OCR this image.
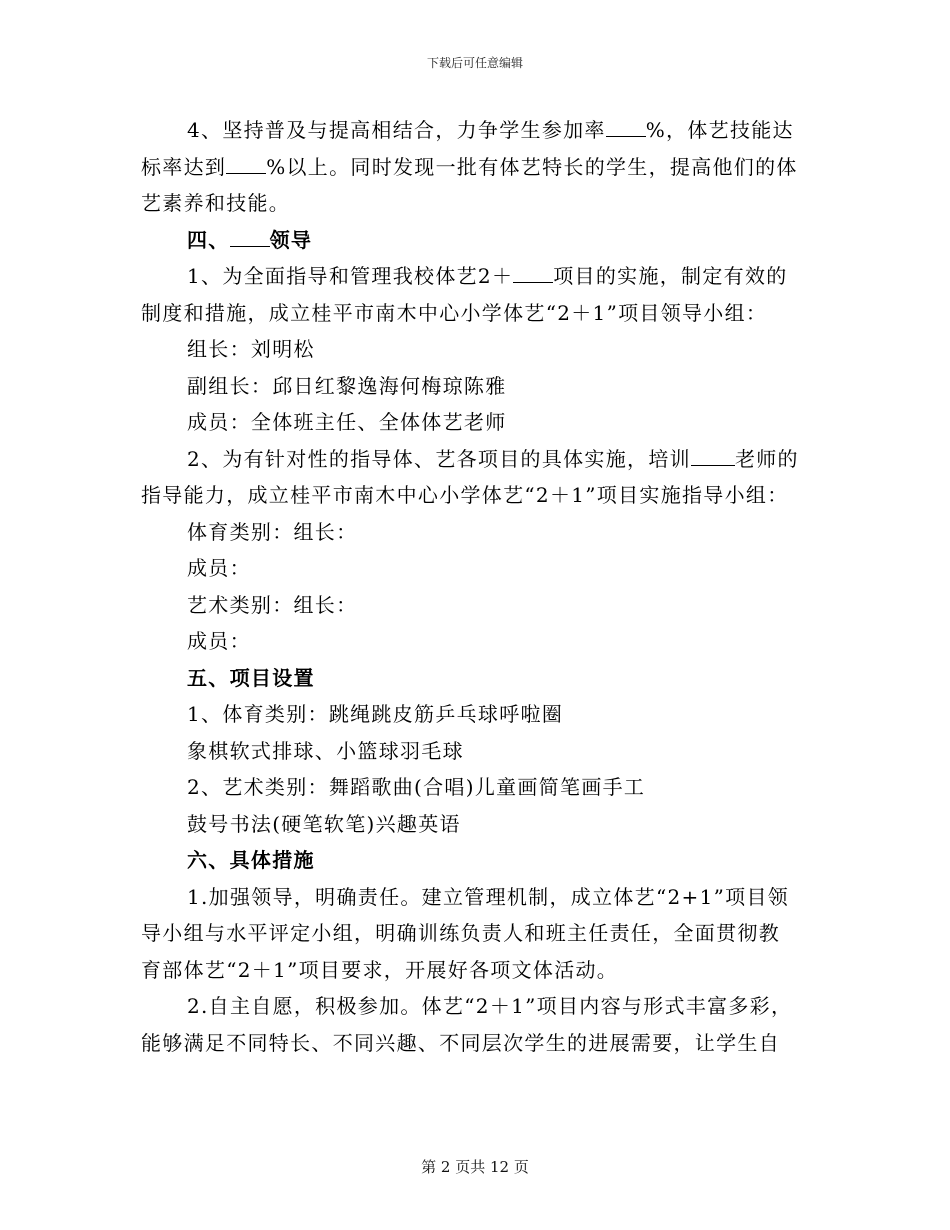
下载后可任意编辑
4、坚持普及与提高相结合，力争学生参加率 %，体艺技能达
标率达到 %以上。同时发现一批有体艺特长的学生，提高他们的体
艺素养和技能。
四、 领导
1、为全面指导和管理我校体艺2＋ 项目的实施，制定有效的
制度和措施，成立桂平市南木中心小学体艺“2＋1”项目领导小组：
组长：刘明松
副组长：邱日红黎逸海何梅琼陈雅
成员：全体班主任、全体体艺老师
2、为有针对性的指导体、艺各项目的具体实施，培训 老师的
指导能力，成立桂平市南木中心小学体艺“2＋1”项目实施指导小组：
体育类别：组长：
成员：
艺术类别：组长：
成员：
五、项目设置
1、体育类别：跳绳跳皮筋乒乓球呼啦圈
象棋软式排球、小篮球羽毛球
2、艺术类别：舞蹈歌曲(合唱)儿童画简笔画手工
鼓号书法(硬笔软笔)兴趣英语
六、具体措施
1.加强领导，明确责任。建立管理机制，成立体艺“2+1”项目领
导小组与水平评定小组，明确训练负责人和班主任责任，全面贯彻教
育部体艺“2＋1”项目要求，开展好各项文体活动。
2.自主自愿，积极参加。体艺“2＋1”项目内容与形式丰富多彩，
能够满足不同特长、不同兴趣、不同层次学生的进展需要，让学生自
第 2 页共 12 页
